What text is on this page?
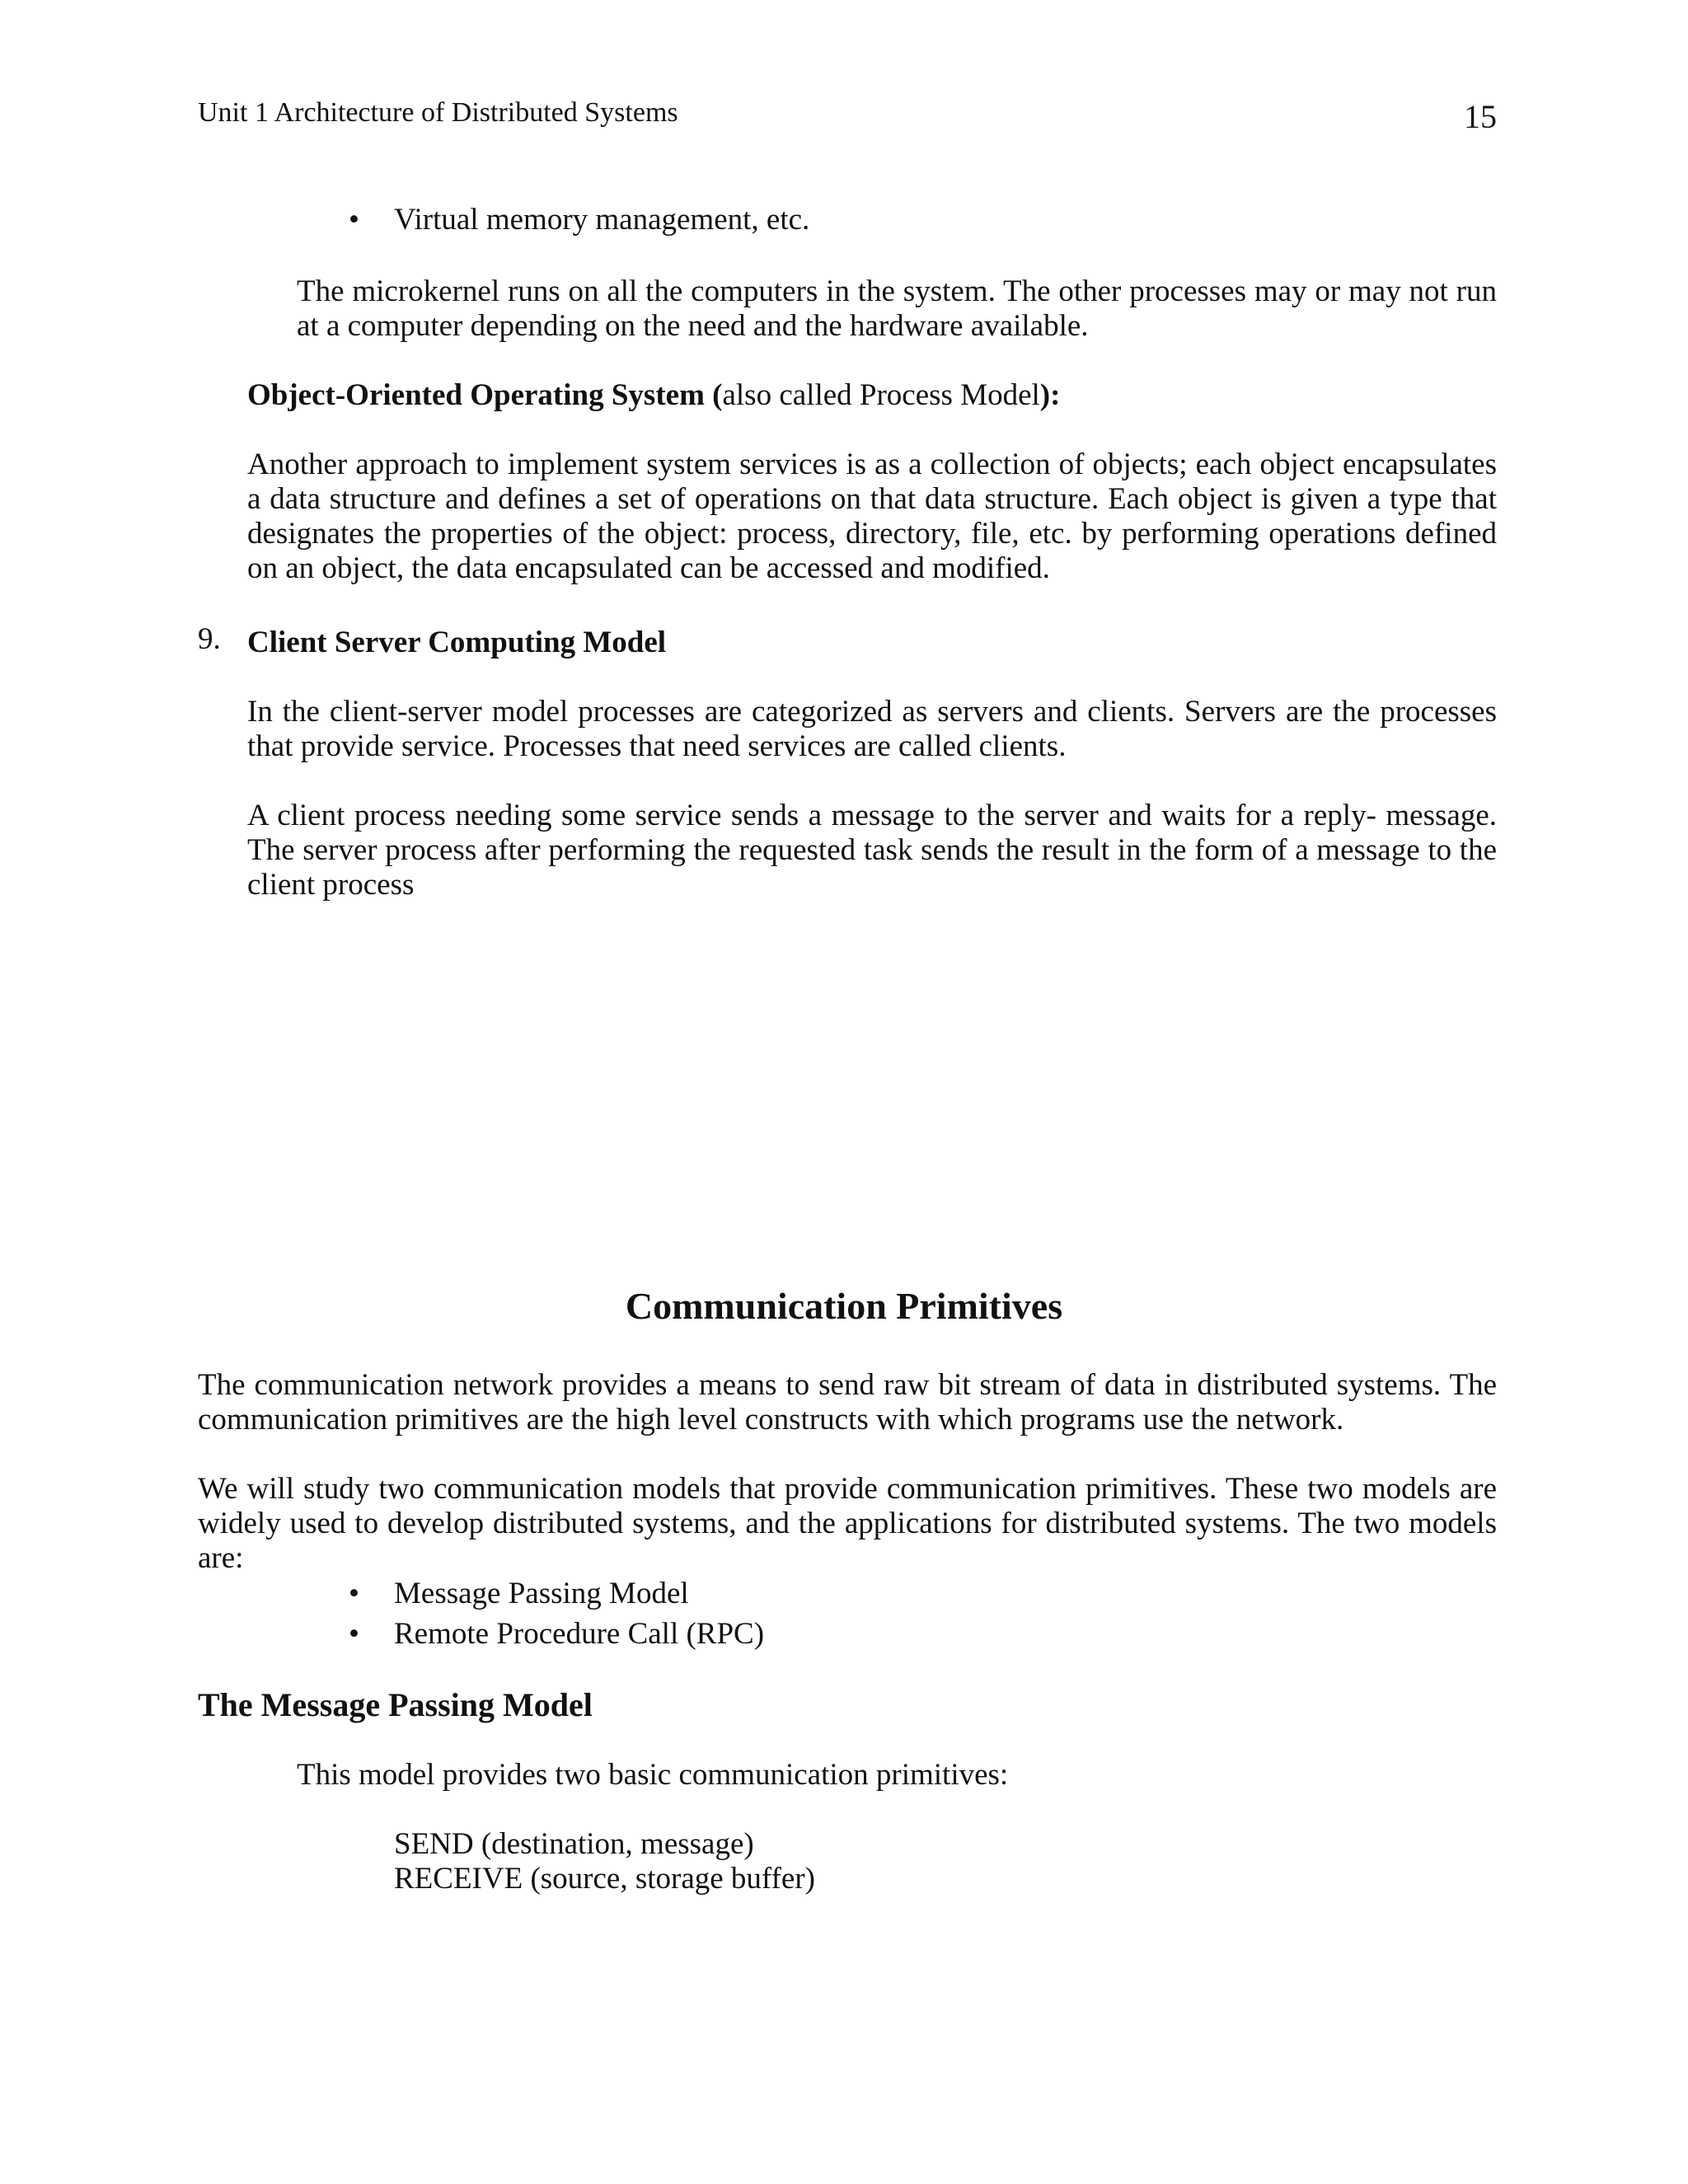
Unit 1 Architecture of Distributed Systems	15
• Virtual memory management, etc.
The microkernel runs on all the computers in the system. The other processes may or may not run at a computer depending on the need and the hardware available.
Object-Oriented Operating System (also called Process Model):
Another approach to implement system services is as a collection of objects; each object encapsulates a data structure and defines a set of operations on that data structure. Each object is given a type that designates the properties of the object: process, directory, file, etc. by performing operations defined on an object, the data encapsulated can be accessed and modified.
9. Client Server Computing Model
In the client-server model processes are categorized as servers and clients. Servers are the processes that provide service. Processes that need services are called clients.
A client process needing some service sends a message to the server and waits for a reply- message. The server process after performing the requested task sends the result in the form of a message to the client process
Communication Primitives
The communication network provides a means to send raw bit stream of data in distributed systems. The communication primitives are the high level constructs with which programs use the network.
We will study two communication models that provide communication primitives. These two models are widely used to develop distributed systems, and the applications for distributed systems. The two models are:
• Message Passing Model
• Remote Procedure Call (RPC)
The Message Passing Model
This model provides two basic communication primitives:
SEND (destination, message)
RECEIVE (source, storage buffer)
